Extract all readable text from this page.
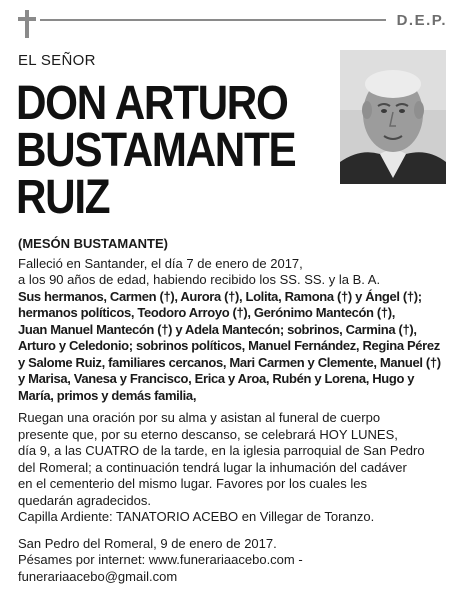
D.E.P.
EL SEÑOR
DON ARTURO
BUSTAMANTE
RUIZ
(MESÓN BUSTAMANTE)
Falleció en Santander, el día 7 de enero de 2017,
a los 90 años de edad, habiendo recibido los SS. SS. y la B. A.
Sus hermanos, Carmen (†), Aurora (†), Lolita, Ramona (†) y Ángel (†);
hermanos políticos, Teodoro Arroyo (†), Gerónimo Mantecón (†),
Juan Manuel Mantecón (†) y Adela Mantecón; sobrinos, Carmina (†),
Arturo y Celedonio; sobrinos políticos, Manuel Fernández, Regina Pérez
y Salome Ruiz, familiares cercanos, Mari Carmen y Clemente, Manuel (†)
y Marisa, Vanesa y Francisco, Erica y Aroa, Rubén y Lorena, Hugo y
María, primos y demás familia,
Ruegan una oración por su alma y asistan al funeral de cuerpo
presente que, por su eterno descanso, se celebrará HOY LUNES,
día 9, a las CUATRO de la tarde, en la iglesia parroquial de San Pedro
del Romeral; a continuación tendrá lugar la inhumación del cadáver
en el cementerio del mismo lugar. Favores por los cuales les
quedarán agradecidos.
Capilla Ardiente: TANATORIO ACEBO en Villegar de Toranzo.
San Pedro del Romeral, 9 de enero de 2017.
Pésames por internet: www.funerariaacebo.com -
funerariaacebo@gmail.com
